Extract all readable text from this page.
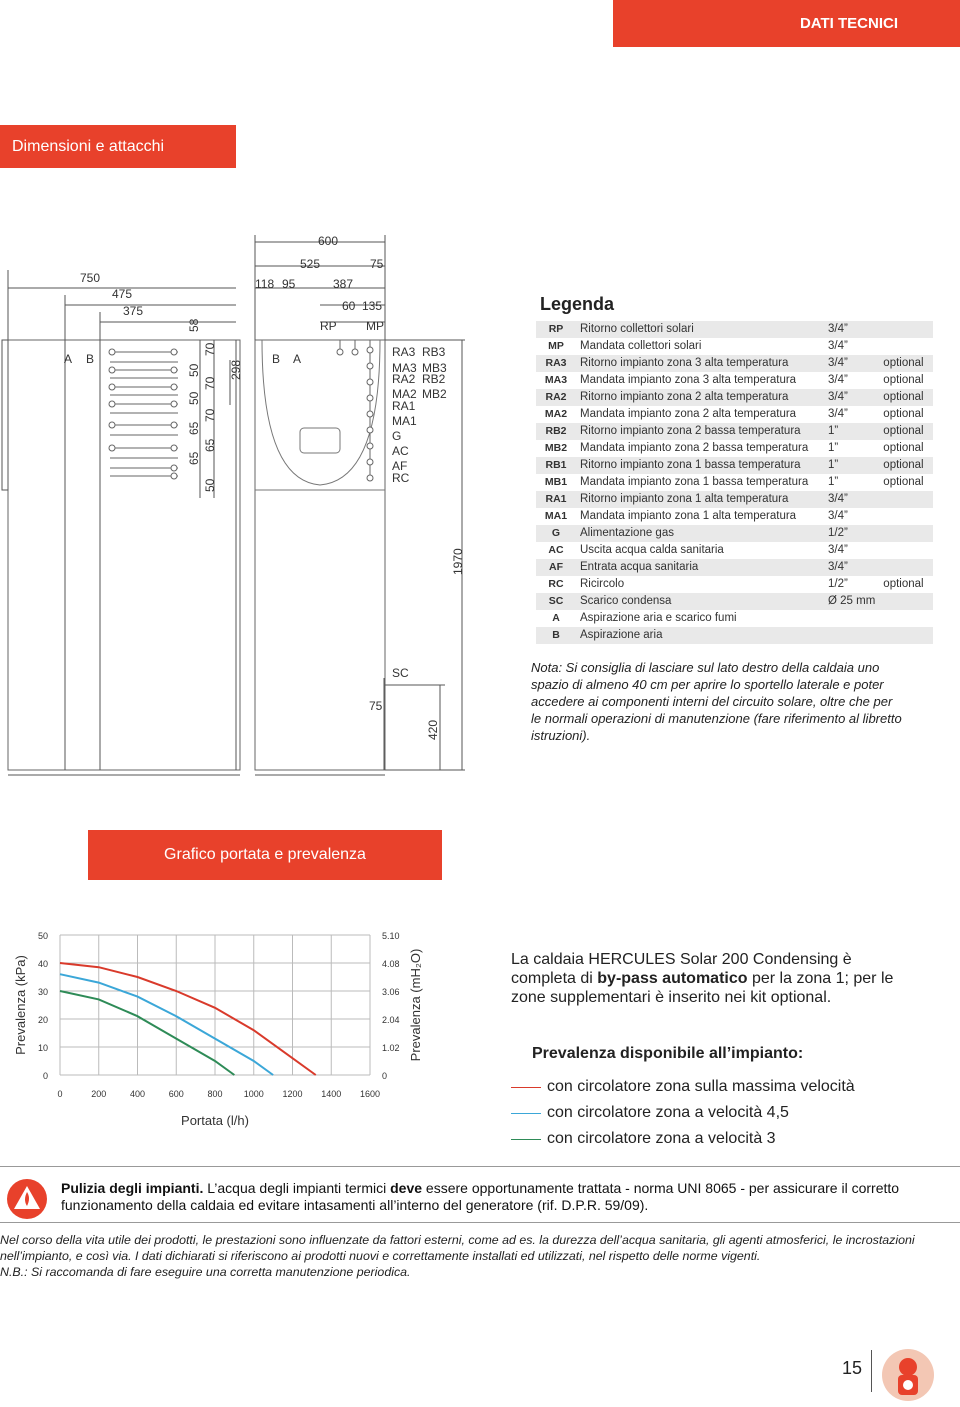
DATI TECNICI
Dimensioni e attacchi
600
750
475
375
525
387
75
118 95
60 135
1970
420
75
298
58
70
50
70
50
70
65
65
65
50
A B	B A
RP MP
RA3 RB3
MA3 MB3
RA2 RB2
MA2 MB2
RA1
MA1
G
AC
AF
RC
SC
Legenda
RP	Ritorno collettori solari	3/4”	
MP	Mandata collettori solari	3/4”	
RA3	Ritorno impianto zona 3 alta temperatura	3/4”	optional
MA3	Mandata impianto zona 3 alta temperatura	3/4”	optional
RA2	Ritorno impianto zona 2 alta temperatura	3/4”	optional
MA2	Mandata impianto zona 2 alta temperatura	3/4”	optional
RB2	Ritorno impianto zona 2 bassa temperatura	1”	optional
MB2	Mandata impianto zona 2 bassa temperatura	1”	optional
RB1	Ritorno impianto zona 1 bassa temperatura	1”	optional
MB1	Mandata impianto zona 1 bassa temperatura	1”	optional
RA1	Ritorno impianto zona 1 alta temperatura	3/4”	
MA1	Mandata impianto zona 1 alta temperatura	3/4”	
G	Alimentazione gas	1/2”	
AC	Uscita acqua calda sanitaria	3/4”	
AF	Entrata acqua sanitaria	3/4”	
RC	Ricircolo	1/2”	optional
SC	Scarico condensa	Ø 25 mm	
A	Aspirazione aria e scarico fumi		
B	Aspirazione aria		
Nota: Si consiglia di lasciare sul lato destro della caldaia uno spazio di almeno 40 cm per aprire lo sportello laterale e poter accedere ai componenti interni del circuito solare, oltre che per le normali operazioni di manutenzione (fare riferimento al libretto istruzioni).
Grafico portata e prevalenza
0
10
20
30
40
50
0
1.02
2.04
3.06
4.08
5.10
0	200	400	600	800 1000 1200 1400 1600
Portata (l/h)
Prevalenza (kPa)	Prevalenza (mH₂O)	La caldaia HERCULES Solar 200 Condensing è completa di by-pass automatico per la zona 1; per le zone supplementari è inserito nei kit optional.
Prevalenza disponibile all’impianto:
con circolatore zona sulla massima velocità
con circolatore zona a velocità 4,5
con circolatore zona a velocità 3
Pulizia degli impianti. L’acqua degli impianti termici deve essere opportunamente trattata - norma UNI 8065 - per assicurare il corretto funzionamento della caldaia ed evitare intasamenti all’interno del generatore (rif. D.P.R. 59/09).
Nel corso della vita utile dei prodotti, le prestazioni sono influenzate da fattori esterni, come ad es. la durezza dell’acqua sanitaria, gli agenti atmosferici, le incrostazioni nell’impianto, e così via. I dati dichiarati si riferiscono ai prodotti nuovi e correttamente installati ed utilizzati, nel rispetto delle norme vigenti.
N.B.: Si raccomanda di fare eseguire una corretta manutenzione periodica.
15
